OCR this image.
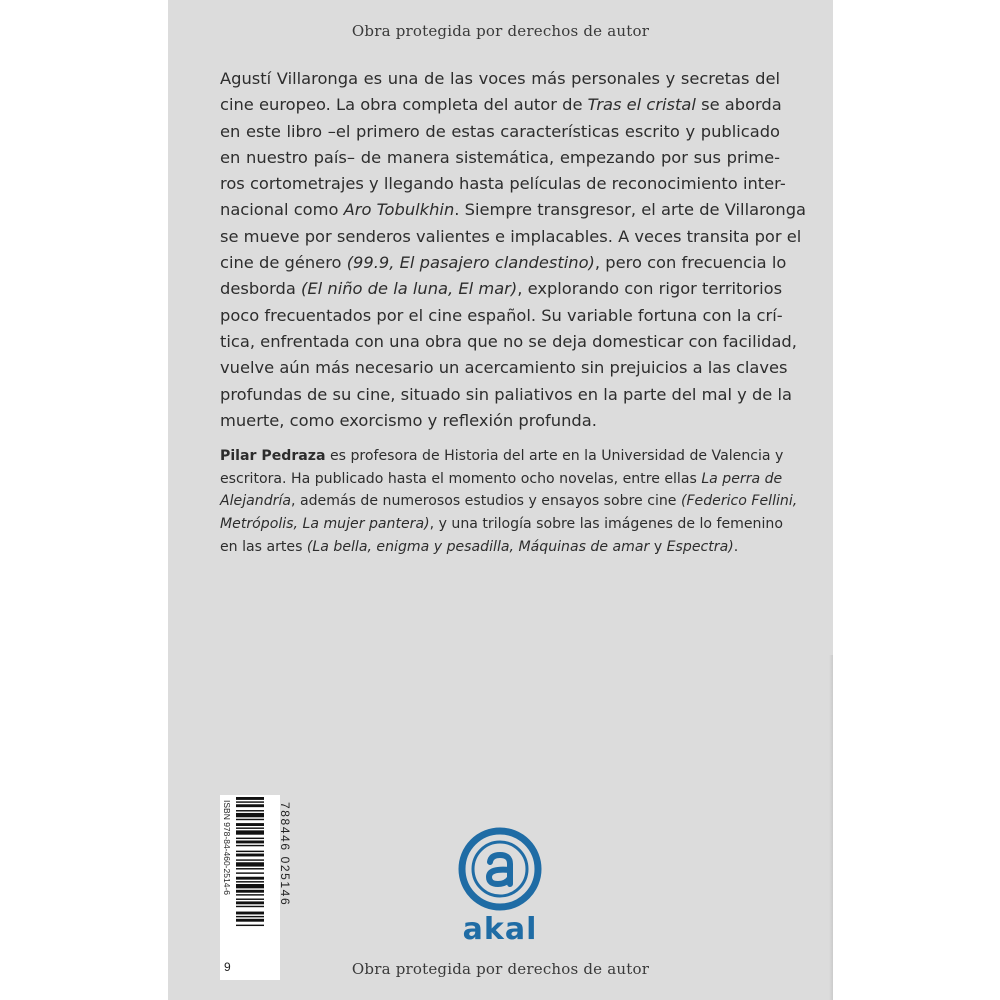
Obra protegida por derechos de autor
Agustí Villaronga es una de las voces más personales y secretas del
cine europeo. La obra completa del autor de Tras el cristal se aborda
en este libro –el primero de estas características escrito y publicado
en nuestro país– de manera sistemática, empezando por sus prime-
ros cortometrajes y llegando hasta películas de reconocimiento inter-
nacional como Aro Tobulkhin. Siempre transgresor, el arte de Villaronga
se mueve por senderos valientes e implacables. A veces transita por el
cine de género (99.9, El pasajero clandestino), pero con frecuencia lo
desborda (El niño de la luna, El mar), explorando con rigor territorios
poco frecuentados por el cine español. Su variable fortuna con la crí-
tica, enfrentada con una obra que no se deja domesticar con facilidad,
vuelve aún más necesario un acercamiento sin prejuicios a las claves
profundas de su cine, situado sin paliativos en la parte del mal y de la
muerte, como exorcismo y reflexión profunda.
Pilar Pedraza es profesora de Historia del arte en la Universidad de Valencia y
escritora. Ha publicado hasta el momento ocho novelas, entre ellas La perra de
Alejandría, además de numerosos estudios y ensayos sobre cine (Federico Fellini,
Metrópolis, La mujer pantera), y una trilogía sobre las imágenes de lo femenino
en las artes (La bella, enigma y pesadilla, Máquinas de amar y Espectra).
ISBN 978-84-460-2514-6	788446 025146
9
akal
Obra protegida por derechos de autor
